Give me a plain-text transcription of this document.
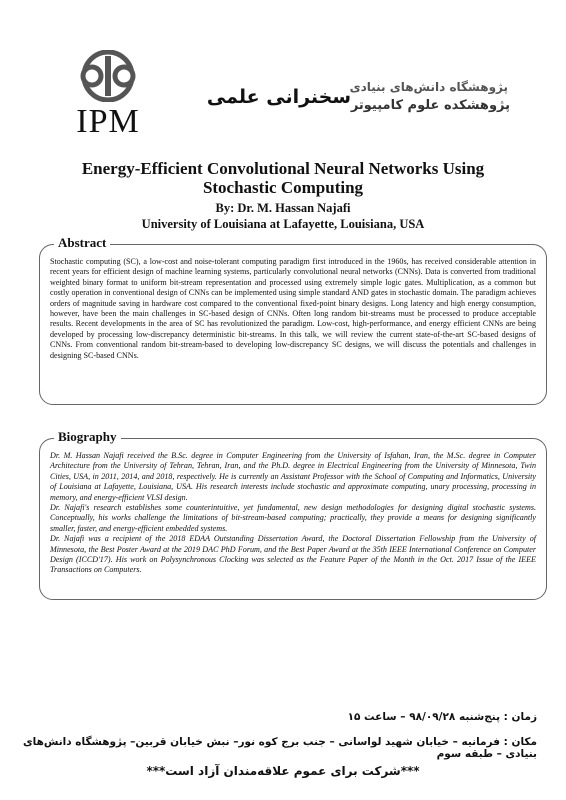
IPM
سخنرانی علمی
پژوهشگاه دانش‌های بنیادی
پژوهشکده علوم کامپیوتر
Energy-Efficient Convolutional Neural Networks Using
Stochastic Computing
By: Dr. M. Hassan Najafi
University of Louisiana at Lafayette, Louisiana, USA
Abstract
Stochastic computing (SC), a low-cost and noise-tolerant computing paradigm first introduced in the 1960s, has received considerable attention in recent years for efficient design of machine learning systems, particularly convolutional neural networks (CNNs). Data is converted from traditional weighted binary format to uniform bit-stream representation and processed using extremely simple logic gates. Multiplication, as a common but costly operation in conventional design of CNNs can be implemented using simple standard AND gates in stochastic domain. The paradigm achieves orders of magnitude saving in hardware cost compared to the conventional fixed-point binary designs. Long latency and high energy consumption, however, have been the main challenges in SC-based design of CNNs. Often long random bit-streams must be processed to produce acceptable results. Recent developments in the area of SC has revolutionized the paradigm. Low-cost, high-performance, and energy efficient CNNs are being developed by processing low-discrepancy deterministic bit-streams. In this talk, we will review the current state-of-the-art SC-based designs of CNNs. From conventional random bit-stream-based to developing low-discrepancy SC designs, we will discuss the potentials and challenges in designing SC-based CNNs.
Biography

Dr. M. Hassan Najafi received the B.Sc. degree in Computer Engineering from the University of Isfahan, Iran, the M.Sc. degree in Computer Architecture from the University of Tehran, Tehran, Iran, and the Ph.D. degree in Electrical Engineering from the University of Minnesota, Twin Cities, USA, in 2011, 2014, and 2018, respectively. He is currently an Assistant Professor with the School of Computing and Informatics, University of Louisiana at Lafayette, Louisiana, USA. His research interests include stochastic and approximate computing, unary processing, processing in memory, and energy-efficient VLSI design.

Dr. Najafi's research establishes some counterintuitive, yet fundamental, new design methodologies for designing digital stochastic systems. Conceptually, his works challenge the limitations of bit-stream-based computing; practically, they provide a means for designing significantly smaller, faster, and energy-efficient embedded systems.

Dr. Najafi was a recipient of the 2018 EDAA Outstanding Dissertation Award, the Doctoral Dissertation Fellowship from the University of Minnesota, the Best Poster Award at the 2019 DAC PhD Forum, and the Best Paper Award at the 35th IEEE International Conference on Computer Design (ICCD'17). His work on Polysynchronous Clocking was selected as the Feature Paper of the Month in the Oct. 2017 Issue of the IEEE Transactions on Computers.

زمان : پنج‌شنبه ۹۸/۰۹/۲۸ – ساعت ۱۵
مکان : فرمانیه – خیابان شهید لواسانی – جنب برج کوه نور– نبش خیابان قربین– پژوهشگاه دانش‌های بنیادی – طبقه سوم
***شرکت برای عموم علاقه‌مندان آزاد است***
